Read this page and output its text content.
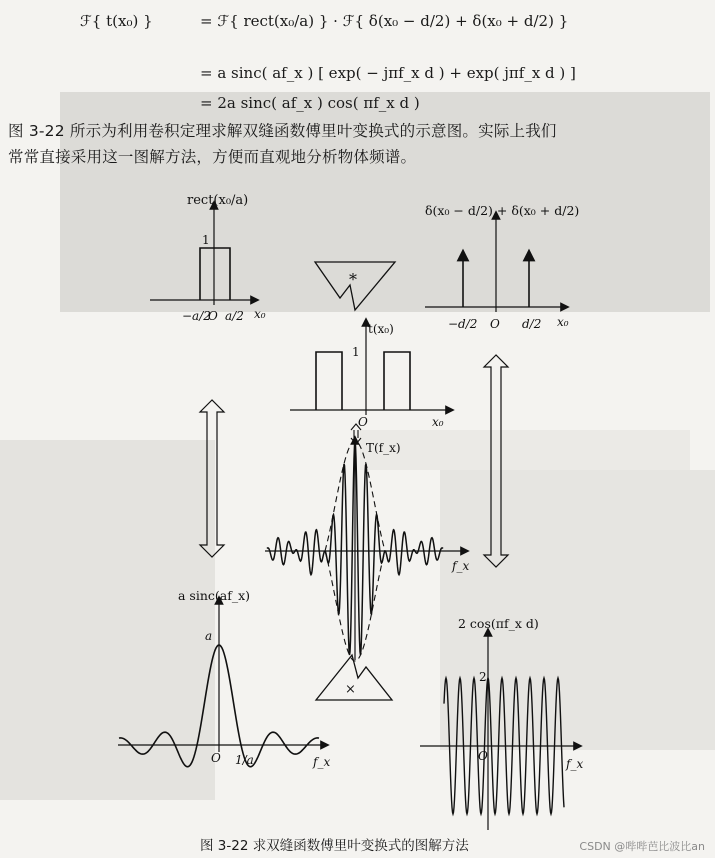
ℱ{ t(x₀) }	= ℱ{ rect(x₀/a) } · ℱ{ δ(x₀ − d/2) + δ(x₀ + d/2) }
= a sinc( af_x ) [ exp( − jπf_x d ) + exp( jπf_x d ) ]
= 2a sinc( af_x ) cos( πf_x d )
图 3-22 所示为利用卷积定理求解双缝函数傅里叶变换式的示意图。实际上我们
常常直接采用这一图解方法，方便而直观地分析物体频谱。
rect(x₀/a)
1
−a/2
O a/2 x₀
δ(x₀ − d/2) + δ(x₀ + d/2)
−d/2 O d/2 x₀
*
t(x₀)
1
O	x₀
T(f_x)
f_x
×
a sinc(af_x)
a
O 1/a	f_x
2 cos(πf_x d)
2
O
f_x
图 3-22 求双缝函数傅里叶变换式的图解方法	CSDN @哔哔芭比波比an
